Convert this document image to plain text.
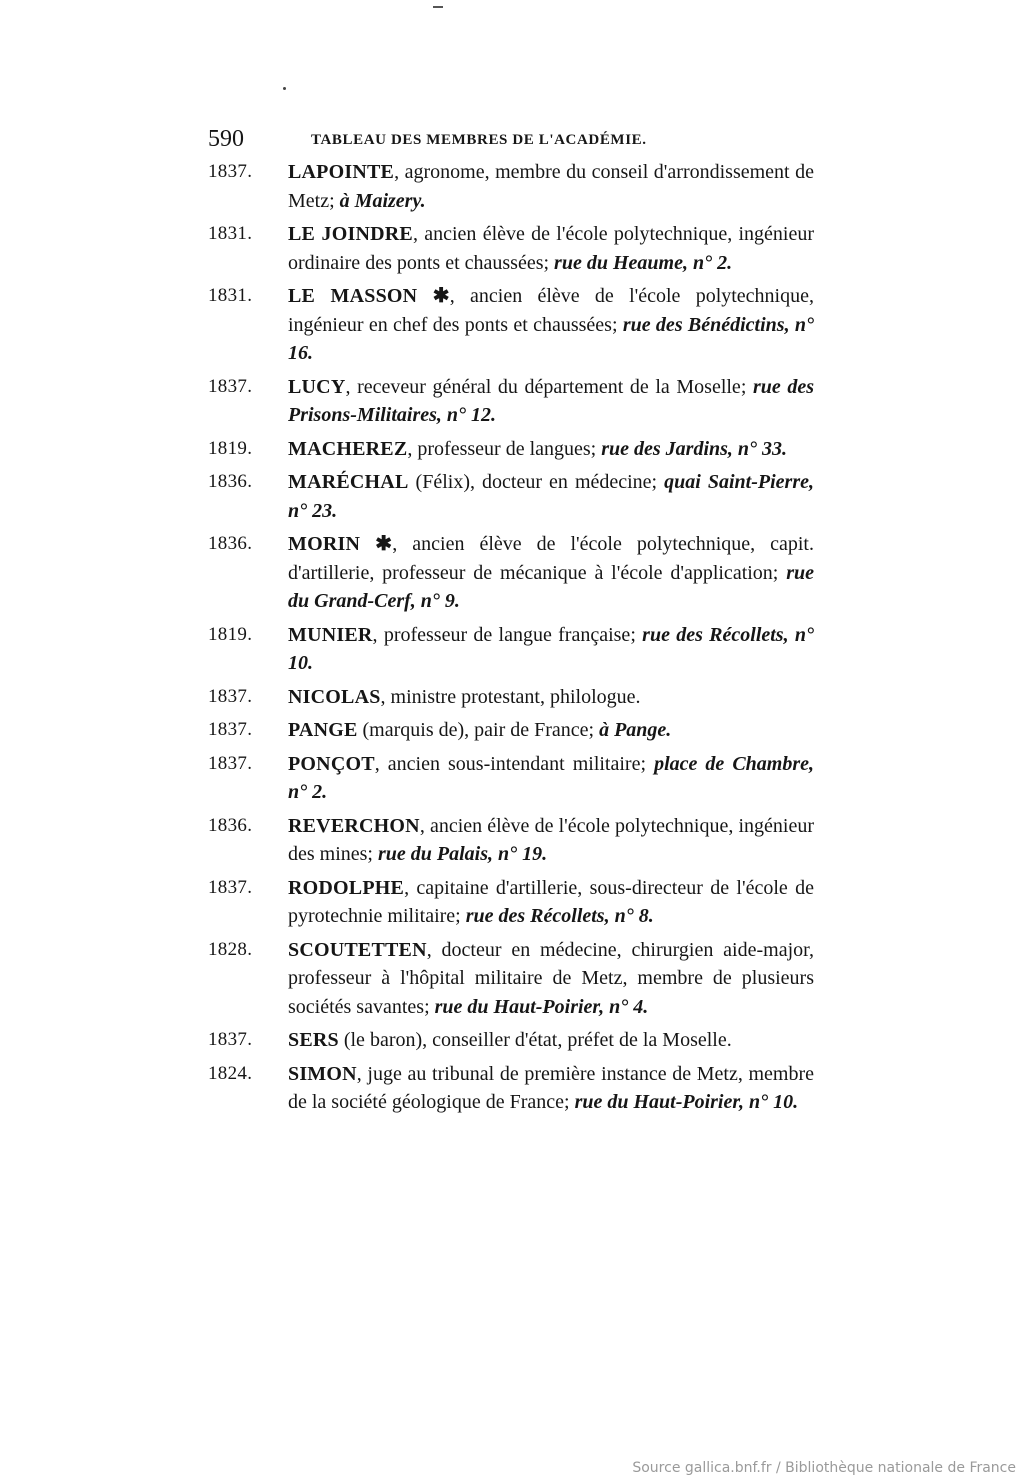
590	TABLEAU DES MEMBRES DE L'ACADÉMIE.
1837. LAPOINTE, agronome, membre du conseil d'arrondissement de Metz; à Maizery.
1831. LE JOINDRE, ancien élève de l'école polytechnique, ingénieur ordinaire des ponts et chaussées; rue du Heaume, n° 2.
1831. LE MASSON ✱, ancien élève de l'école polytechnique, ingénieur en chef des ponts et chaussées; rue des Bénédictins, n° 16.
1837. LUCY, receveur général du département de la Moselle; rue des Prisons-Militaires, n° 12.
1819. MACHEREZ, professeur de langues; rue des Jardins, n° 33.
1836. MARÉCHAL (Félix), docteur en médecine; quai Saint-Pierre, n° 23.
1836. MORIN ✱, ancien élève de l'école polytechnique, capit. d'artillerie, professeur de mécanique à l'école d'application; rue du Grand-Cerf, n° 9.
1819. MUNIER, professeur de langue française; rue des Récollets, n° 10.
1837. NICOLAS, ministre protestant, philologue.
1837. PANGE (marquis de), pair de France; à Pange.
1837. PONÇOT, ancien sous-intendant militaire; place de Chambre, n° 2.
1836. REVERCHON, ancien élève de l'école polytechnique, ingénieur des mines; rue du Palais, n° 19.
1837. RODOLPHE, capitaine d'artillerie, sous-directeur de l'école de pyrotechnie militaire; rue des Récollets, n° 8.
1828. SCOUTETTEN, docteur en médecine, chirurgien aide-major, professeur à l'hôpital militaire de Metz, membre de plusieurs sociétés savantes; rue du Haut-Poirier, n° 4.
1837. SERS (le baron), conseiller d'état, préfet de la Moselle.
1824. SIMON, juge au tribunal de première instance de Metz, membre de la société géologique de France; rue du Haut-Poirier, n° 10.
Source gallica.bnf.fr / Bibliothèque nationale de France
